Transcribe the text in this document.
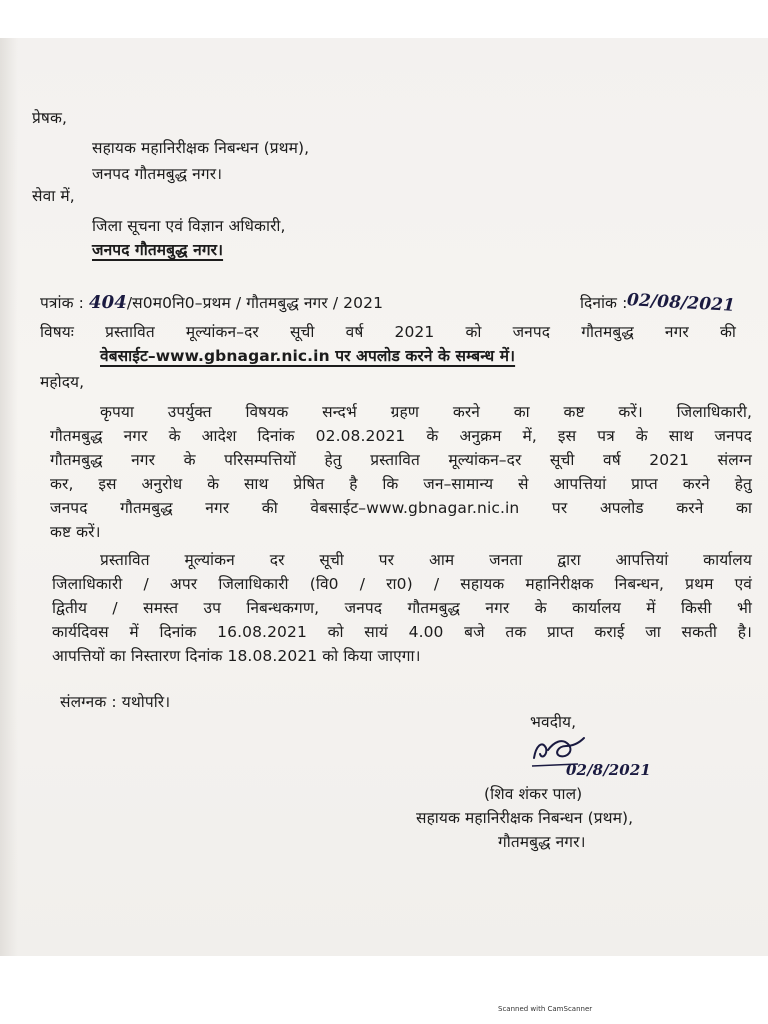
प्रेषक,
सहायक महानिरीक्षक निबन्धन (प्रथम),
जनपद गौतमबुद्ध नगर।
सेवा में,
जिला सूचना एवं विज्ञान अधिकारी,
जनपद गौतमबुद्ध नगर।
पत्रांक : 404/स0म0नि0–प्रथम / गौतमबुद्ध नगर / 2021	दिनांक :02/08/2021
विषयः प्रस्तावित मूल्यांकन–दर सूची वर्ष 2021 को जनपद गौतमबुद्ध नगर की
वेबसाईट–www.gbnagar.nic.in पर अपलोड करने के सम्बन्ध में।
महोदय,
कृपया उपर्युक्त विषयक सन्दर्भ ग्रहण करने का कष्ट करें। जिलाधिकारी,
गौतमबुद्ध नगर के आदेश दिनांक 02.08.2021 के अनुक्रम में, इस पत्र के साथ जनपद
गौतमबुद्ध नगर के परिसम्पत्तियों हेतु प्रस्तावित मूल्यांकन–दर सूची वर्ष 2021 संलग्न
कर, इस अनुरोध के साथ प्रेषित है कि जन–सामान्य से आपत्तियां प्राप्त करने हेतु
जनपद गौतमबुद्ध नगर की वेबसाईट–www.gbnagar.nic.in पर अपलोड करने का
कष्ट करें।
प्रस्तावित मूल्यांकन दर सूची पर आम जनता द्वारा आपत्तियां कार्यालय
जिलाधिकारी / अपर जिलाधिकारी (वि0 / रा0) / सहायक महानिरीक्षक निबन्धन, प्रथम एवं
द्वितीय / समस्त उप निबन्धकगण, जनपद गौतमबुद्ध नगर के कार्यालय में किसी भी
कार्यदिवस में दिनांक 16.08.2021 को सायं 4.00 बजे तक प्राप्त कराई जा सकती है।
आपत्तियों का निस्तारण दिनांक 18.08.2021 को किया जाएगा।
संलग्नक : यथोपरि।
भवदीय,
02/8/2021
(शिव शंकर पाल)
सहायक महानिरीक्षक निबन्धन (प्रथम),
गौतमबुद्ध नगर।
Scanned with CamScanner
